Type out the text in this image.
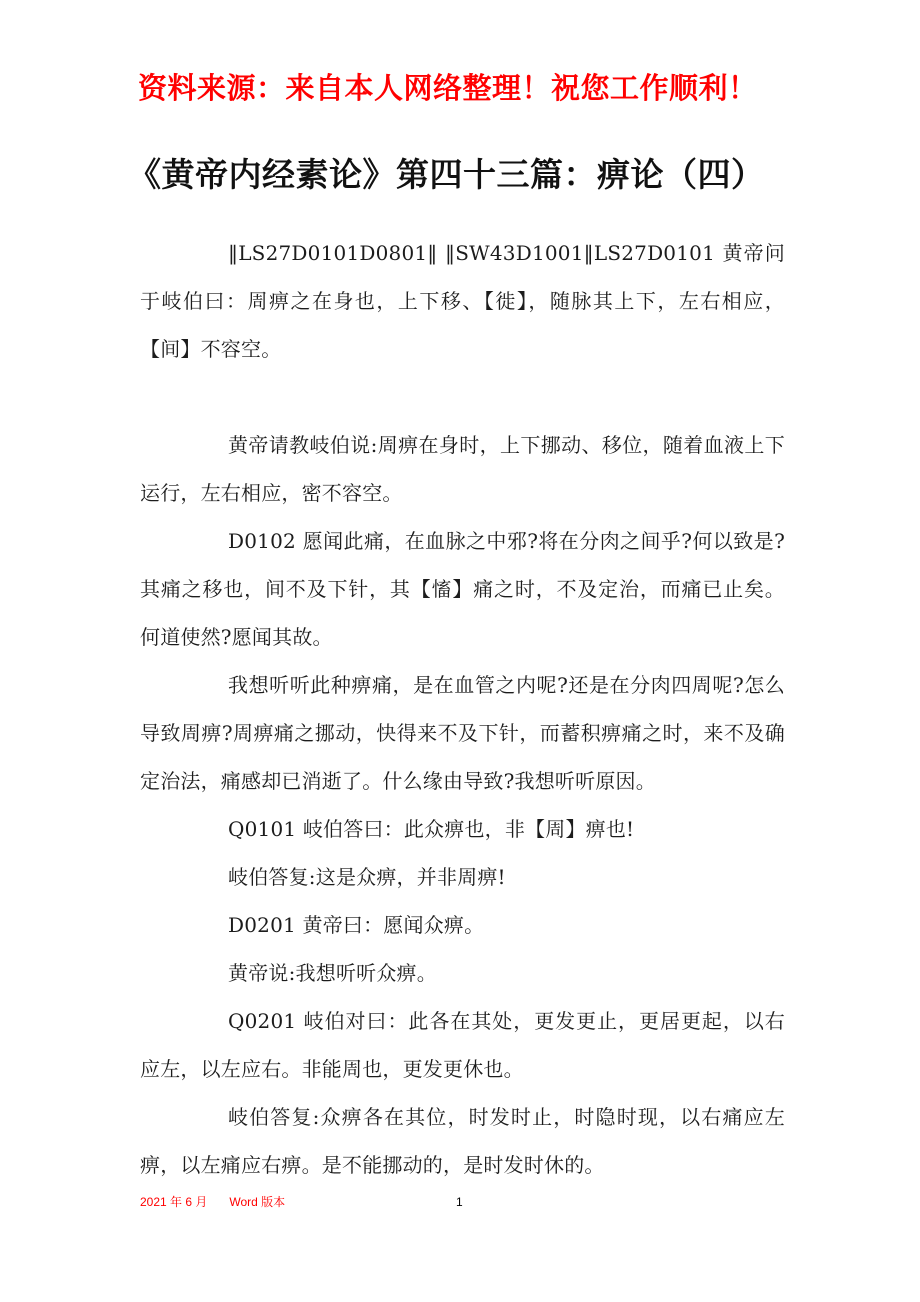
资料来源：来自本人网络整理！祝您工作顺利！
《黄帝内经素论》第四十三篇：痹论（四）

‖LS27D0101D0801‖ ‖SW43D1001‖LS27D0101 黄帝问于岐伯曰：周痹之在身也，上下移、【徙】，随脉其上下，左右相应，【间】不容空。

黄帝请教岐伯说:周痹在身时，上下挪动、移位，随着血液上下运行，左右相应，密不容空。

D0102 愿闻此痛，在血脉之中邪?将在分肉之间乎?何以致是?其痛之移也，间不及下针，其【慉】痛之时，不及定治，而痛已止矣。何道使然?愿闻其故。

我想听听此种痹痛，是在血管之内呢?还是在分肉四周呢?怎么导致周痹?周痹痛之挪动，快得来不及下针，而蓄积痹痛之时，来不及确定治法，痛感却已消逝了。什么缘由导致?我想听听原因。

Q0101 岐伯答曰：此众痹也，非【周】痹也!

岐伯答复:这是众痹，并非周痹!

D0201 黄帝曰：愿闻众痹。

黄帝说:我想听听众痹。

Q0201 岐伯对曰：此各在其处，更发更止，更居更起，以右应左，以左应右。非能周也，更发更休也。

岐伯答复:众痹各在其位，时发时止，时隐时现，以右痛应左痹，以左痛应右痹。是不能挪动的，是时发时休的。

2021 年 6 月 Word 版本	1
